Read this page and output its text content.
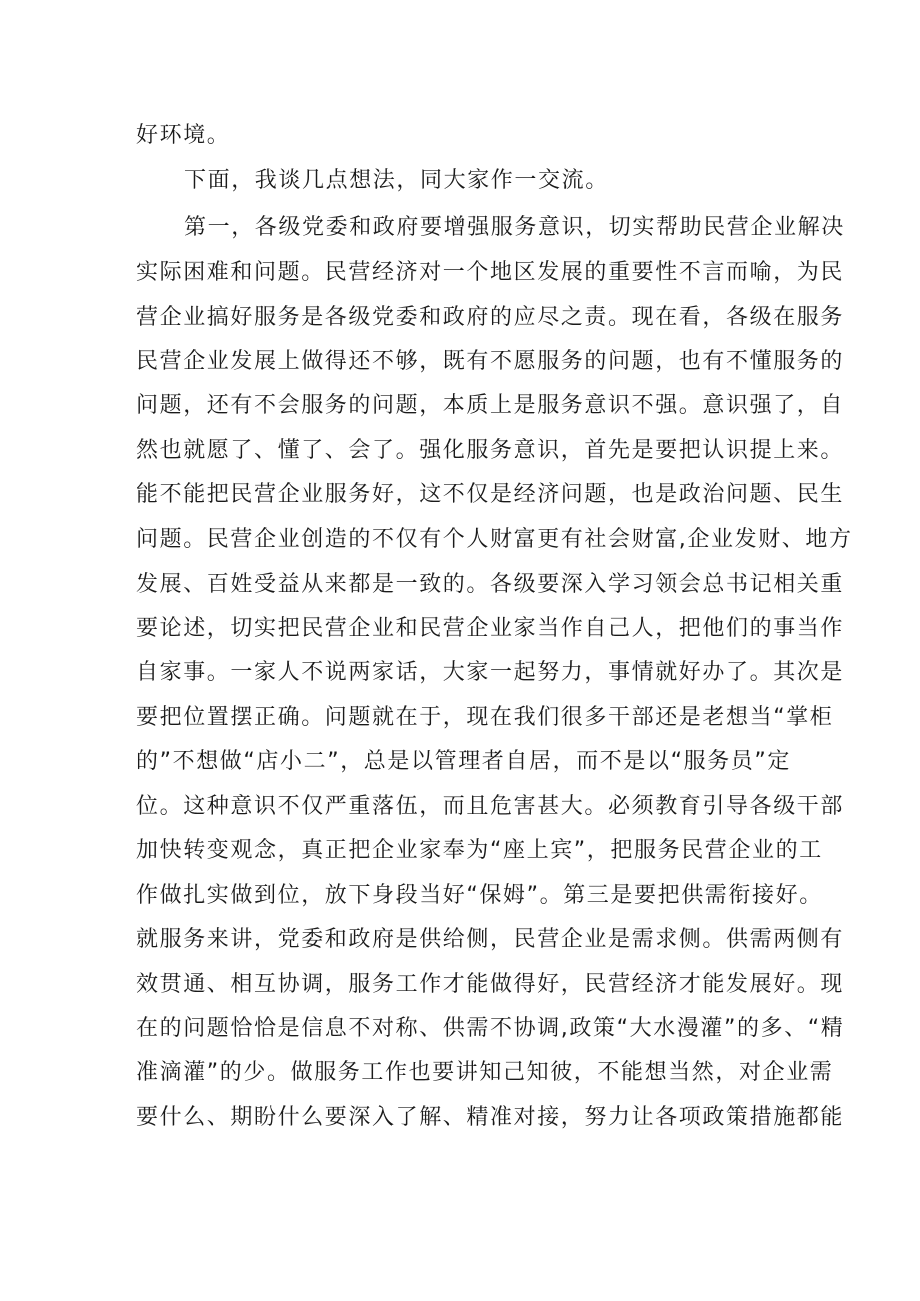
好环境。
下面，我谈几点想法，同大家作一交流。
第一，各级党委和政府要增强服务意识，切实帮助民营企业解决
实际困难和问题。民营经济对一个地区发展的重要性不言而喻，为民
营企业搞好服务是各级党委和政府的应尽之责。现在看，各级在服务
民营企业发展上做得还不够，既有不愿服务的问题，也有不懂服务的
问题，还有不会服务的问题，本质上是服务意识不强。意识强了，自
然也就愿了、懂了、会了。强化服务意识，首先是要把认识提上来。
能不能把民营企业服务好，这不仅是经济问题，也是政治问题、民生
问题。民营企业创造的不仅有个人财富更有社会财富,企业发财、地方
发展、百姓受益从来都是一致的。各级要深入学习领会总书记相关重
要论述，切实把民营企业和民营企业家当作自己人，把他们的事当作
自家事。一家人不说两家话，大家一起努力，事情就好办了。其次是
要把位置摆正确。问题就在于，现在我们很多干部还是老想当“掌柜
的”不想做“店小二”，总是以管理者自居，而不是以“服务员”定
位。这种意识不仅严重落伍，而且危害甚大。必须教育引导各级干部
加快转变观念，真正把企业家奉为“座上宾”，把服务民营企业的工
作做扎实做到位，放下身段当好“保姆”。第三是要把供需衔接好。
就服务来讲，党委和政府是供给侧，民营企业是需求侧。供需两侧有
效贯通、相互协调，服务工作才能做得好，民营经济才能发展好。现
在的问题恰恰是信息不对称、供需不协调,政策“大水漫灌”的多、“精
准滴灌”的少。做服务工作也要讲知己知彼，不能想当然，对企业需
要什么、期盼什么要深入了解、精准对接，努力让各项政策措施都能
